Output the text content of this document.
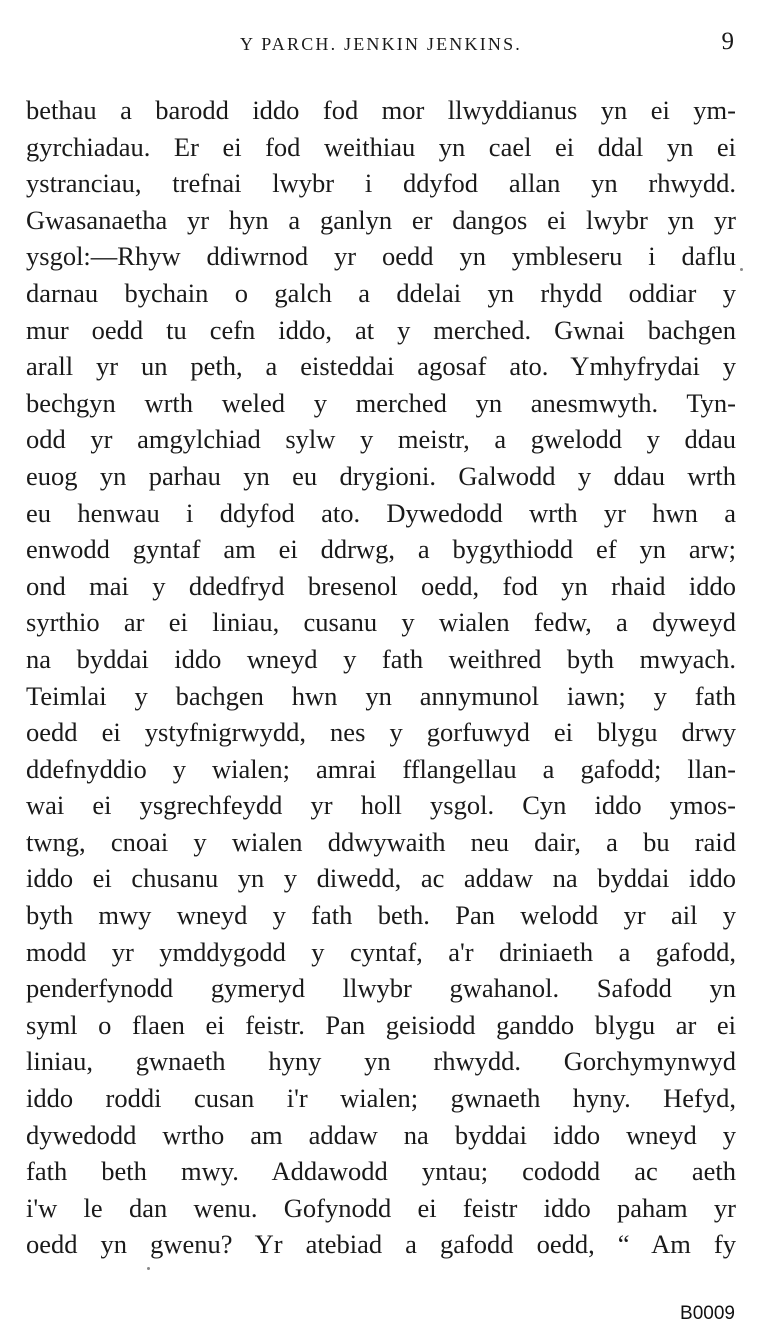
Y PARCH. JENKIN JENKINS.	9
bethau a barodd iddo fod mor llwyddianus yn ei ym-
gyrchiadau. Er ei fod weithiau yn cael ei ddal yn ei
ystranciau, trefnai lwybr i ddyfod allan yn rhwydd.
Gwasanaetha yr hyn a ganlyn er dangos ei lwybr yn yr
ysgol:—Rhyw ddiwrnod yr oedd yn ymbleseru i daflu
darnau bychain o galch a ddelai yn rhydd oddiar y
mur oedd tu cefn iddo, at y merched. Gwnai bachgen
arall yr un peth, a eisteddai agosaf ato. Ymhyfrydai y
bechgyn wrth weled y merched yn anesmwyth. Tyn-
odd yr amgylchiad sylw y meistr, a gwelodd y ddau
euog yn parhau yn eu drygioni. Galwodd y ddau wrth
eu henwau i ddyfod ato. Dywedodd wrth yr hwn a
enwodd gyntaf am ei ddrwg, a bygythiodd ef yn arw;
ond mai y ddedfryd bresenol oedd, fod yn rhaid iddo
syrthio ar ei liniau, cusanu y wialen fedw, a dyweyd
na byddai iddo wneyd y fath weithred byth mwyach.
Teimlai y bachgen hwn yn annymunol iawn; y fath
oedd ei ystyfnigrwydd, nes y gorfuwyd ei blygu drwy
ddefnyddio y wialen; amrai fflangellau a gafodd; llan-
wai ei ysgrechfeydd yr holl ysgol. Cyn iddo ymos-
twng, cnoai y wialen ddwywaith neu dair, a bu raid
iddo ei chusanu yn y diwedd, ac addaw na byddai iddo
byth mwy wneyd y fath beth. Pan welodd yr ail y
modd yr ymddygodd y cyntaf, a'r driniaeth a gafodd,
penderfynodd gymeryd llwybr gwahanol. Safodd yn
syml o flaen ei feistr. Pan geisiodd ganddo blygu ar ei
liniau, gwnaeth hyny yn rhwydd. Gorchymynwyd
iddo roddi cusan i'r wialen; gwnaeth hyny. Hefyd,
dywedodd wrtho am addaw na byddai iddo wneyd y
fath beth mwy. Addawodd yntau; cododd ac aeth
i'w le dan wenu. Gofynodd ei feistr iddo paham yr
oedd yn gwenu? Yr atebiad a gafodd oedd, “ Am fy
B0009
